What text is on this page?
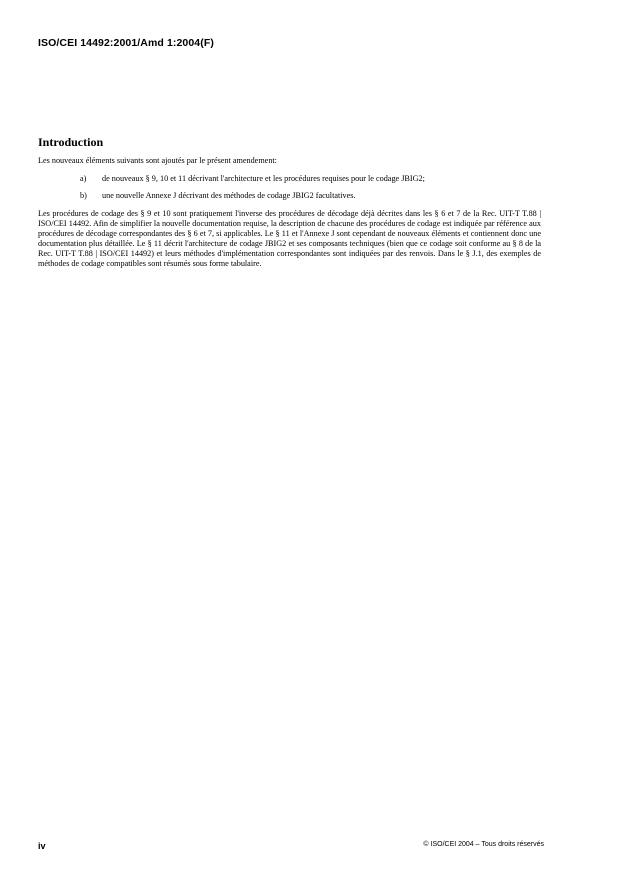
ISO/CEI 14492:2001/Amd 1:2004(F)
Introduction
Les nouveaux éléments suivants sont ajoutés par le présent amendement:
a) de nouveaux § 9, 10 et 11 décrivant l'architecture et les procédures requises pour le codage JBIG2;
b) une nouvelle Annexe J décrivant des méthodes de codage JBIG2 facultatives.
Les procédures de codage des § 9 et 10 sont pratiquement l'inverse des procédures de décodage déjà décrites dans les § 6 et 7 de la Rec. UIT-T T.88 | ISO/CEI 14492. Afin de simplifier la nouvelle documentation requise, la description de chacune des procédures de codage est indiquée par référence aux procédures de décodage correspondantes des § 6 et 7, si applicables. Le § 11 et l'Annexe J sont cependant de nouveaux éléments et contiennent donc une documentation plus détaillée. Le § 11 décrit l'architecture de codage JBIG2 et ses composants techniques (bien que ce codage soit conforme au § 8 de la Rec. UIT-T T.88 | ISO/CEI 14492) et leurs méthodes d'implémentation correspondantes sont indiquées par des renvois. Dans le § J.1, des exemples de méthodes de codage compatibles sont résumés sous forme tabulaire.
iv	© ISO/CEI 2004 – Tous droits réservés
